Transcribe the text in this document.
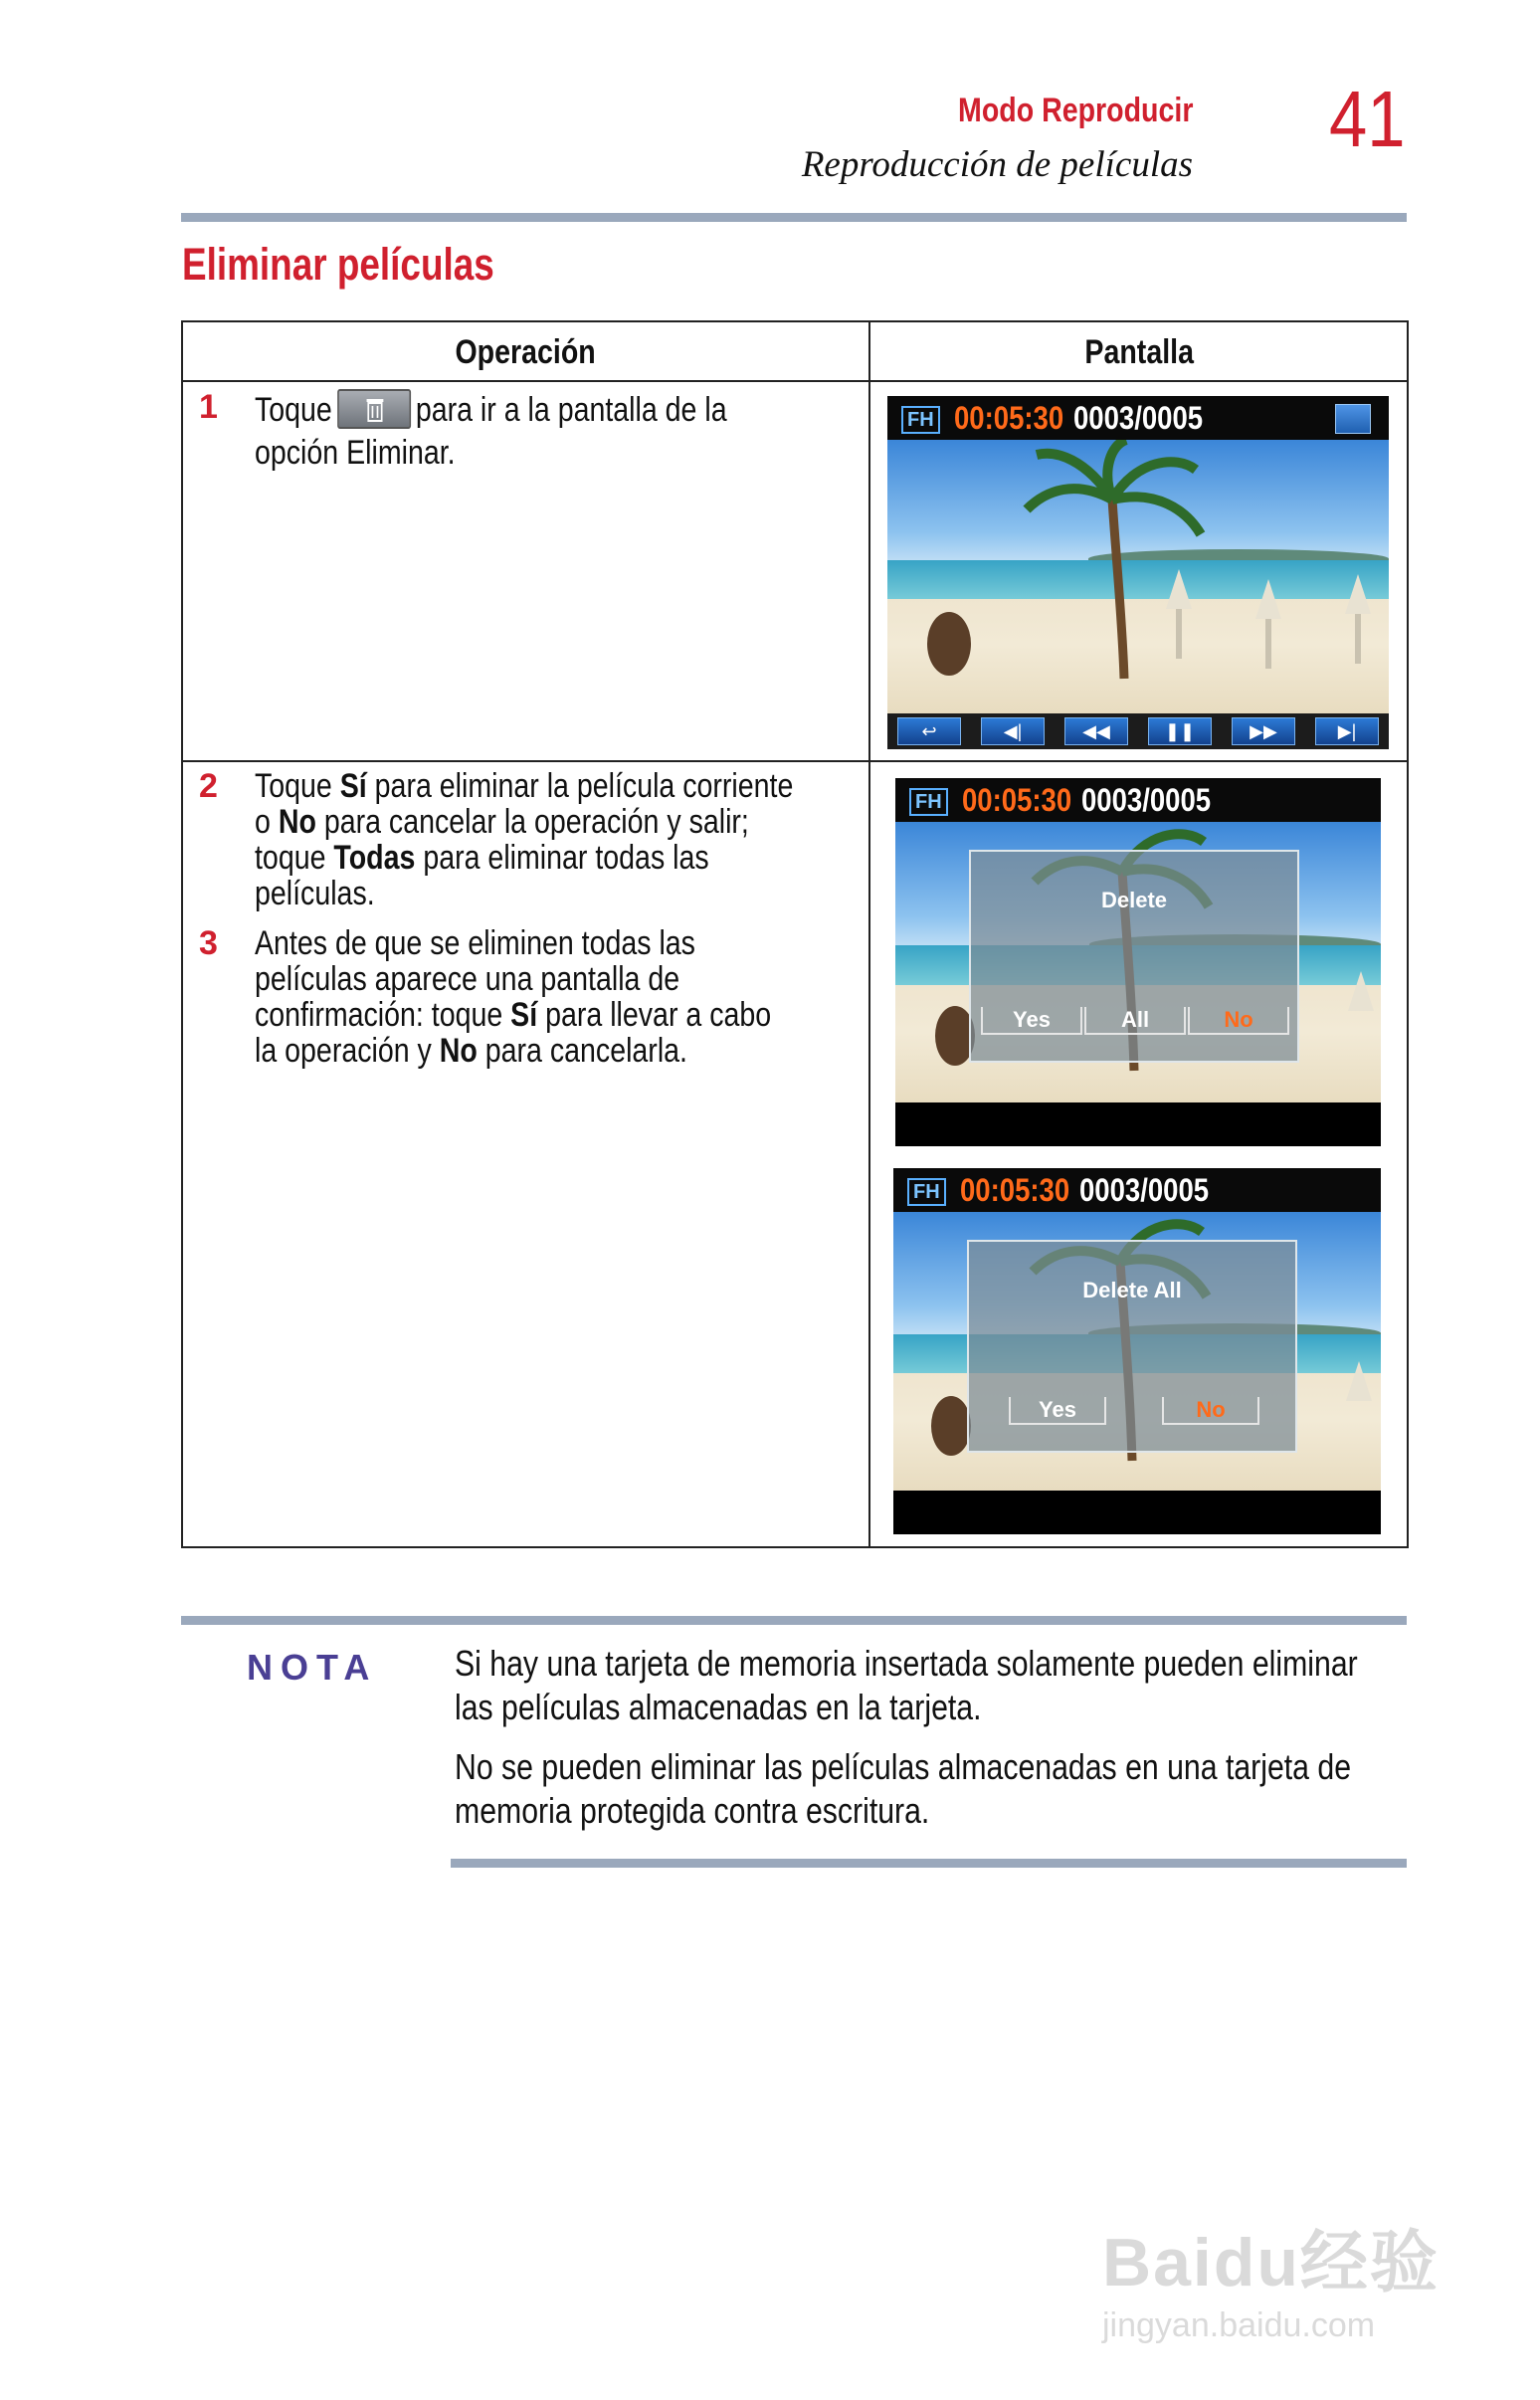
Modo Reproducir
Reproducción de películas
41
Eliminar películas
Operación	Pantalla
1 Toque para ir a la pantalla de la
opción Eliminar.
FH 00:05:30 0003/0005
↩	◀|	◀◀	❚❚	▶▶	▶|
2 Toque Sí para eliminar la película corriente
o No para cancelar la operación y salir;
toque Todas para eliminar todas las
películas.
3 Antes de que se eliminen todas las
películas aparece una pantalla de
confirmación: toque Sí para llevar a cabo
la operación y No para cancelarla.
FH 00:05:30 0003/0005
Delete
Yes	All	No
FH 00:05:30 0003/0005
Delete All
Yes	No
NOTA Si hay una tarjeta de memoria insertada solamente pueden eliminar
las películas almacenadas en la tarjeta.
No se pueden eliminar las películas almacenadas en una tarjeta de
memoria protegida contra escritura.
Baidu经验
jingyan.baidu.com
